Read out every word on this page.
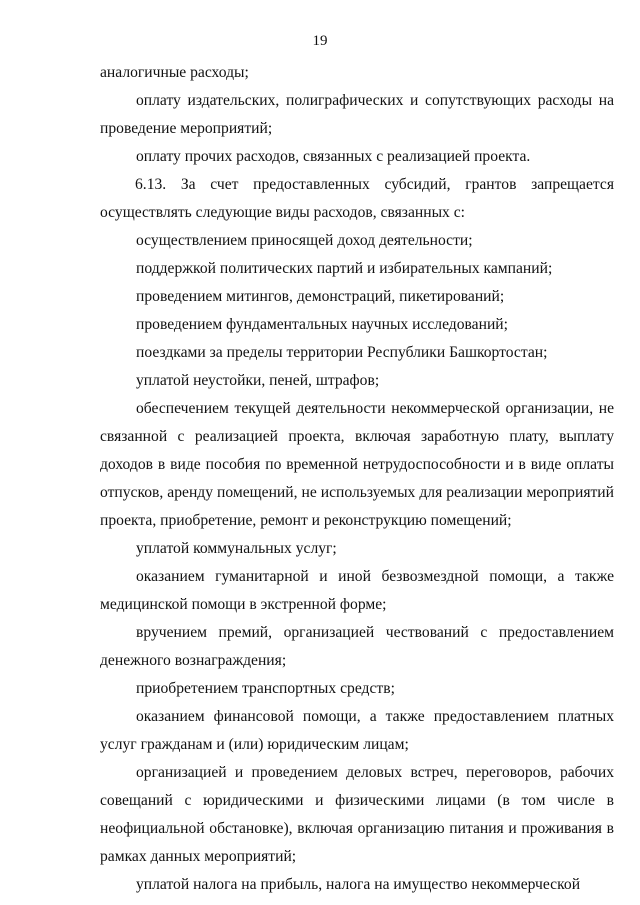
19

аналогичные расходы;

оплату издательских, полиграфических и сопутствующих расходы на проведение мероприятий;

оплату прочих расходов, связанных с реализацией проекта.

6.13. За счет предоставленных субсидий, грантов запрещается осуществлять следующие виды расходов, связанных с:

осуществлением приносящей доход деятельности;

поддержкой политических партий и избирательных кампаний;

проведением митингов, демонстраций, пикетирований;

проведением фундаментальных научных исследований;

поездками за пределы территории Республики Башкортостан;

уплатой неустойки, пеней, штрафов;

обеспечением текущей деятельности некоммерческой организации, не связанной с реализацией проекта, включая заработную плату, выплату доходов в виде пособия по временной нетрудоспособности и в виде оплаты отпусков, аренду помещений, не используемых для реализации мероприятий проекта, приобретение, ремонт и реконструкцию помещений;

уплатой коммунальных услуг;

оказанием гуманитарной и иной безвозмездной помощи, а также медицинской помощи в экстренной форме;

вручением премий, организацией чествований с предоставлением денежного вознаграждения;

приобретением транспортных средств;

оказанием финансовой помощи, а также предоставлением платных услуг гражданам и (или) юридическим лицам;

организацией и проведением деловых встреч, переговоров, рабочих совещаний с юридическими и физическими лицами (в том числе в неофициальной обстановке), включая организацию питания и проживания в рамках данных мероприятий;

уплатой налога на прибыль, налога на имущество некоммерческой
